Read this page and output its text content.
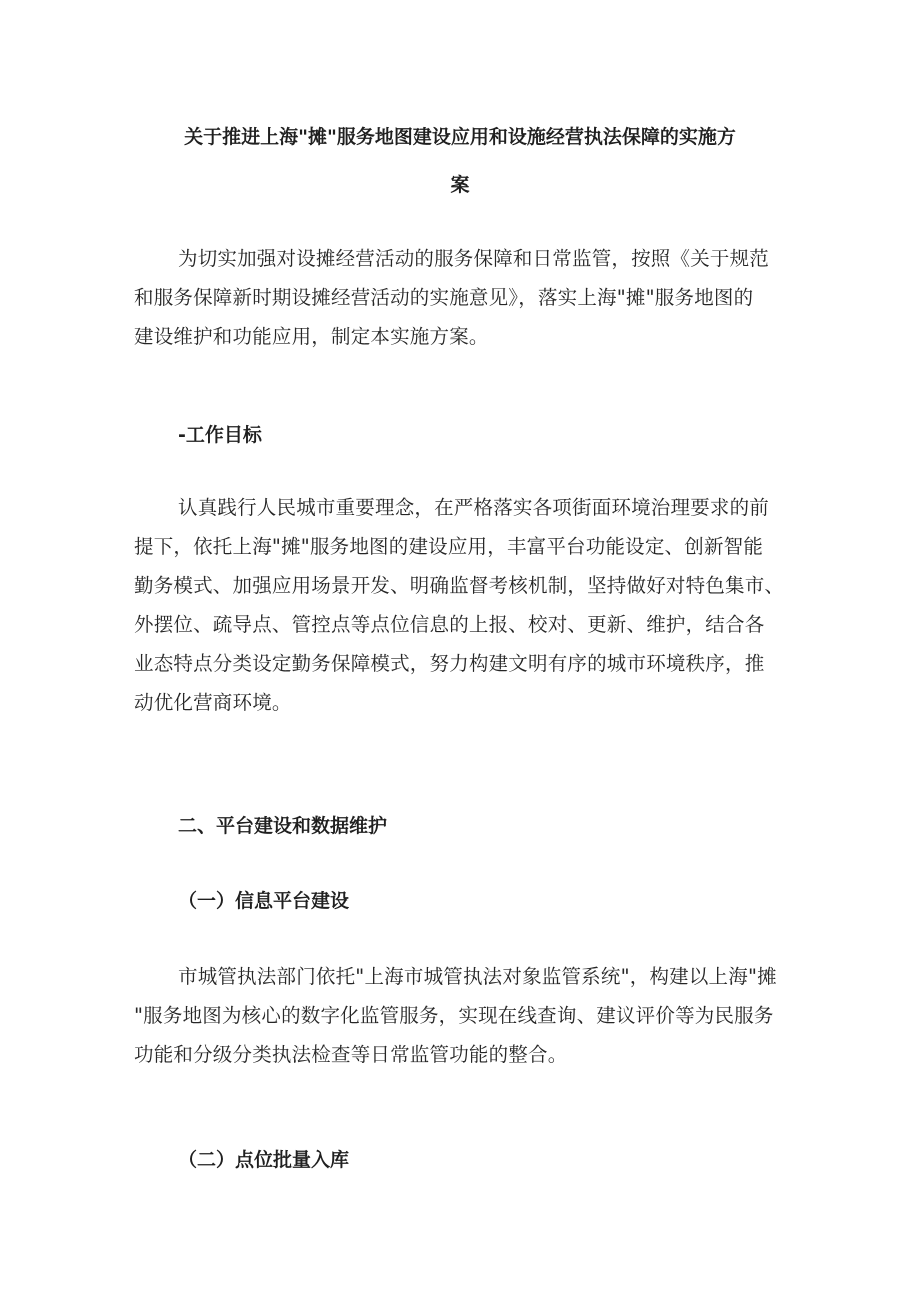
关于推进上海"摊"服务地图建设应用和设施经营执法保障的实施方
案
为切实加强对设摊经营活动的服务保障和日常监管，按照《关于规范
和服务保障新时期设摊经营活动的实施意见》，落实上海"摊"服务地图的
建设维护和功能应用，制定本实施方案。
-工作目标
认真践行人民城市重要理念，在严格落实各项街面环境治理要求的前
提下，依托上海"摊"服务地图的建设应用，丰富平台功能设定、创新智能
勤务模式、加强应用场景开发、明确监督考核机制，坚持做好对特色集市、
外摆位、疏导点、管控点等点位信息的上报、校对、更新、维护，结合各
业态特点分类设定勤务保障模式，努力构建文明有序的城市环境秩序，推
动优化营商环境。
二、平台建设和数据维护
（一）信息平台建设
市城管执法部门依托"上海市城管执法对象监管系统"，构建以上海"摊
"服务地图为核心的数字化监管服务，实现在线查询、建议评价等为民服务
功能和分级分类执法检查等日常监管功能的整合。
（二）点位批量入库
